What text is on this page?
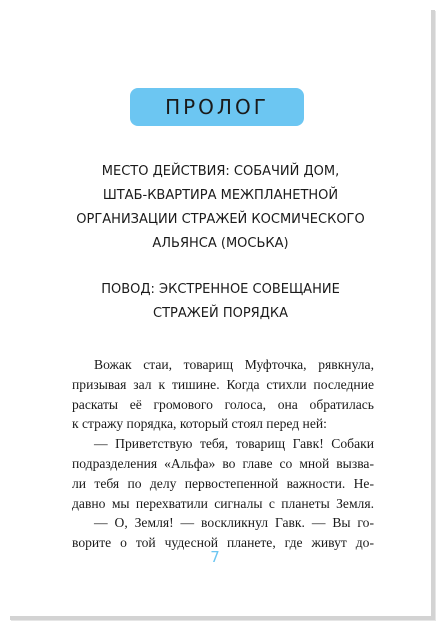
ПРОЛОГ
МЕСТО ДЕЙСТВИЯ: СОБАЧИЙ ДОМ,
ШТАБ-КВАРТИРА МЕЖПЛАНЕТНОЙ
ОРГАНИЗАЦИИ СТРАЖЕЙ КОСМИЧЕСКОГО
АЛЬЯНСА (МОСЬКА)
ПОВОД: ЭКСТРЕННОЕ СОВЕЩАНИЕ
СТРАЖЕЙ ПОРЯДКА
Вожак стаи, товарищ Муфточка, рявкнула,
призывая зал к тишине. Когда стихли последние
раскаты её громового голоса, она обратилась
к стражу порядка, который стоял перед ней:
— Приветствую тебя, товарищ Гавк! Собаки
подразделения «Альфа» во главе со мной вызва-
ли тебя по делу первостепенной важности. Не-
давно мы перехватили сигналы с планеты Земля.
— О, Земля! — воскликнул Гавк. — Вы го-
ворите о той чудесной планете, где живут до-
7
